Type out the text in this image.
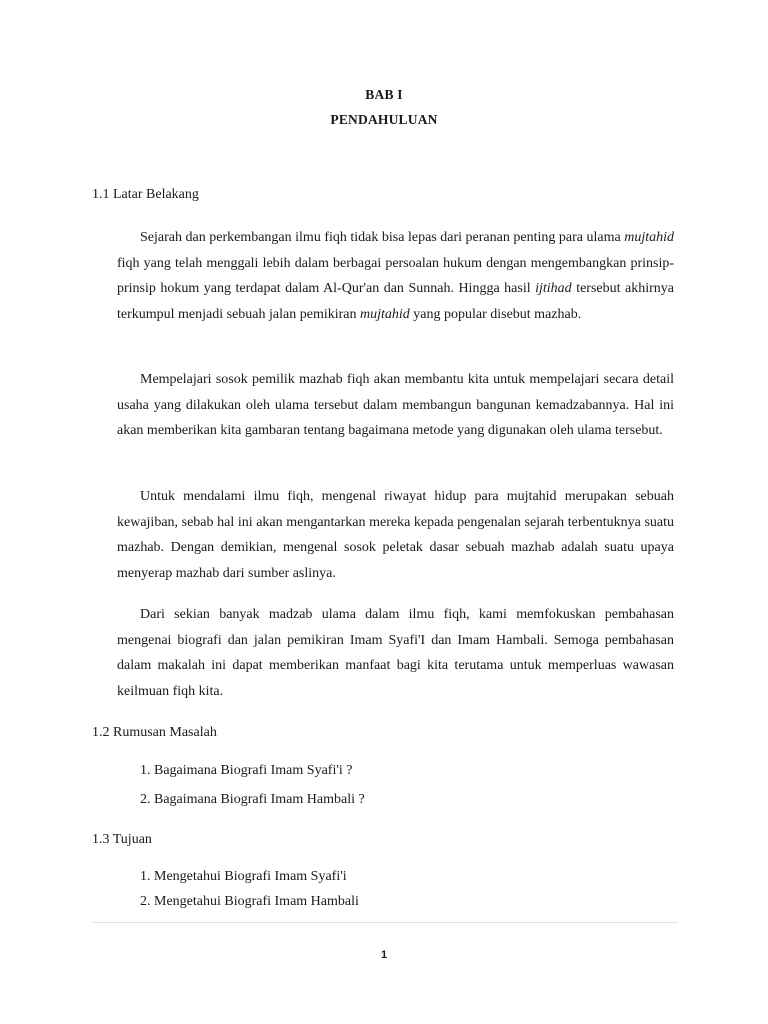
BAB I
PENDAHULUAN
1.1 Latar Belakang

Sejarah dan perkembangan ilmu fiqh tidak bisa lepas dari peranan penting para ulama mujtahid fiqh yang telah menggali lebih dalam berbagai persoalan hukum dengan mengembangkan prinsip-prinsip hokum yang terdapat dalam Al-Qur'an dan Sunnah. Hingga hasil ijtihad tersebut akhirnya terkumpul menjadi sebuah jalan pemikiran mujtahid yang popular disebut mazhab.

Mempelajari sosok pemilik mazhab fiqh akan membantu kita untuk mempelajari secara detail usaha yang dilakukan oleh ulama tersebut dalam membangun bangunan kemadzabannya. Hal ini akan memberikan kita gambaran tentang bagaimana metode yang digunakan oleh ulama tersebut.

Untuk mendalami ilmu fiqh, mengenal riwayat hidup para mujtahid merupakan sebuah kewajiban, sebab hal ini akan mengantarkan mereka kepada pengenalan sejarah terbentuknya suatu mazhab. Dengan demikian, mengenal sosok peletak dasar sebuah mazhab adalah suatu upaya menyerap mazhab dari sumber aslinya.

Dari sekian banyak madzab ulama dalam ilmu fiqh, kami memfokuskan pembahasan mengenai biografi dan jalan pemikiran Imam Syafi'I dan Imam Hambali. Semoga pembahasan dalam makalah ini dapat memberikan manfaat bagi kita terutama untuk memperluas wawasan keilmuan fiqh kita.

1.2 Rumusan Masalah
1. Bagaimana Biografi Imam Syafi'i ?
2. Bagaimana Biografi Imam Hambali ?
1.3 Tujuan
1. Mengetahui Biografi Imam Syafi'i
2. Mengetahui Biografi Imam Hambali
1
